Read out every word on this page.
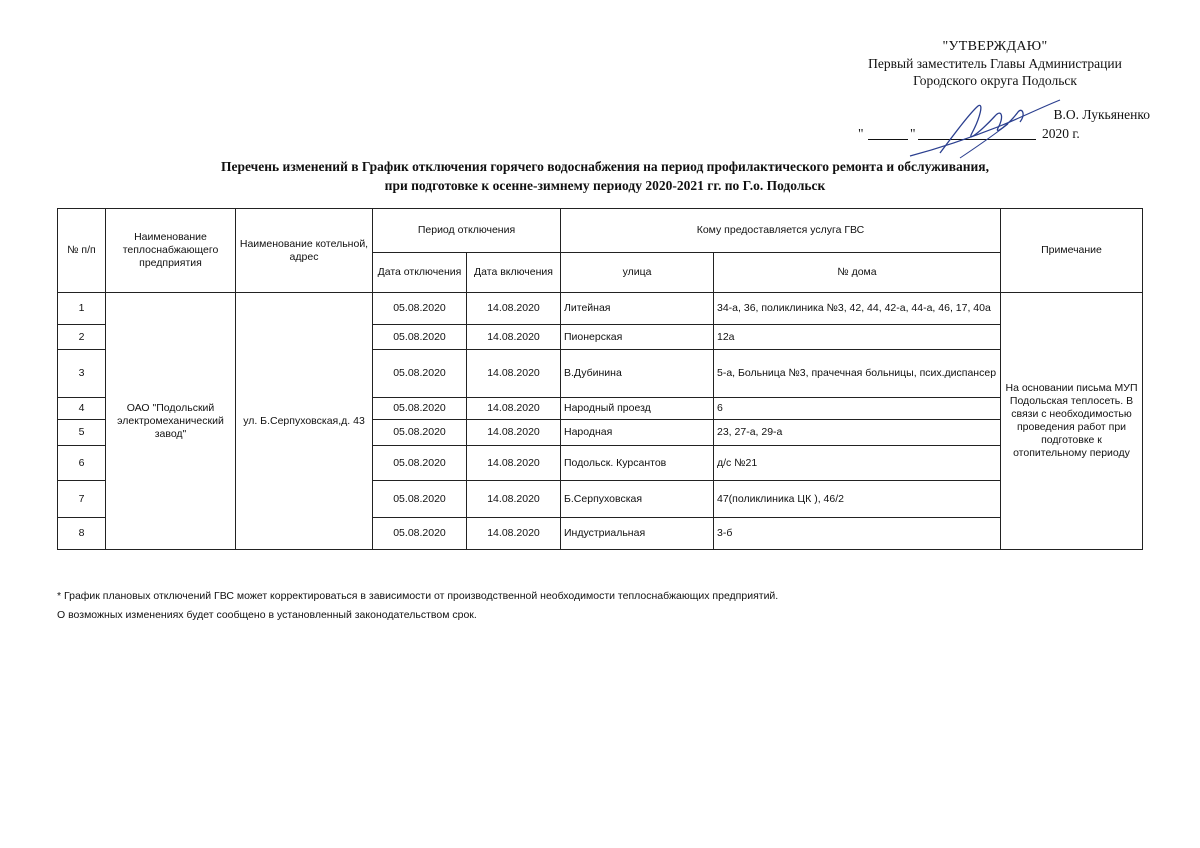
"УТВЕРЖДАЮ"
Первый заместитель Главы Администрации
Городского округа Подольск
В.О. Лукьяненко
"	"	2020 г.
Перечень изменений в График отключения горячего водоснабжения на период профилактического ремонта и обслуживания,
при подготовке к осенне-зимнему периоду 2020-2021 гг. по Г.о. Подольск
№ п/п	Наименование теплоснабжающего предприятия	Наименование котельной, адрес	Период отключения		Кому предоставляется услуга ГВС		Примечание
			Дата отключения	Дата включения	улица	№ дома	
1	ОАО "Подольский электромеханический завод"	ул. Б.Серпуховская,д. 43	05.08.2020	14.08.2020	Литейная	34-а, 36, поликлиника №3, 42, 44, 42-а, 44-а, 46, 17, 40а	На основании письма МУП Подольская теплосеть. В связи с необходимостью проведения работ при подготовке к отопительному периоду
2			05.08.2020	14.08.2020	Пионерская	12а	
3			05.08.2020	14.08.2020	В.Дубинина	5-а, Больница №3, прачечная больницы, псих.диспансер	
4			05.08.2020	14.08.2020	Народный проезд	6	
5			05.08.2020	14.08.2020	Народная	23, 27-а, 29-а	
6			05.08.2020	14.08.2020	Подольск. Курсантов	д/с №21	
7			05.08.2020	14.08.2020	Б.Серпуховская	47(поликлиника ЦК ), 46/2	
8			05.08.2020	14.08.2020	Индустриальная	3-б	
* График плановых отключений ГВС может корректироваться в зависимости от производственной необходимости теплоснабжающих предприятий.
О возможных изменениях будет сообщено в установленный законодательством срок.
